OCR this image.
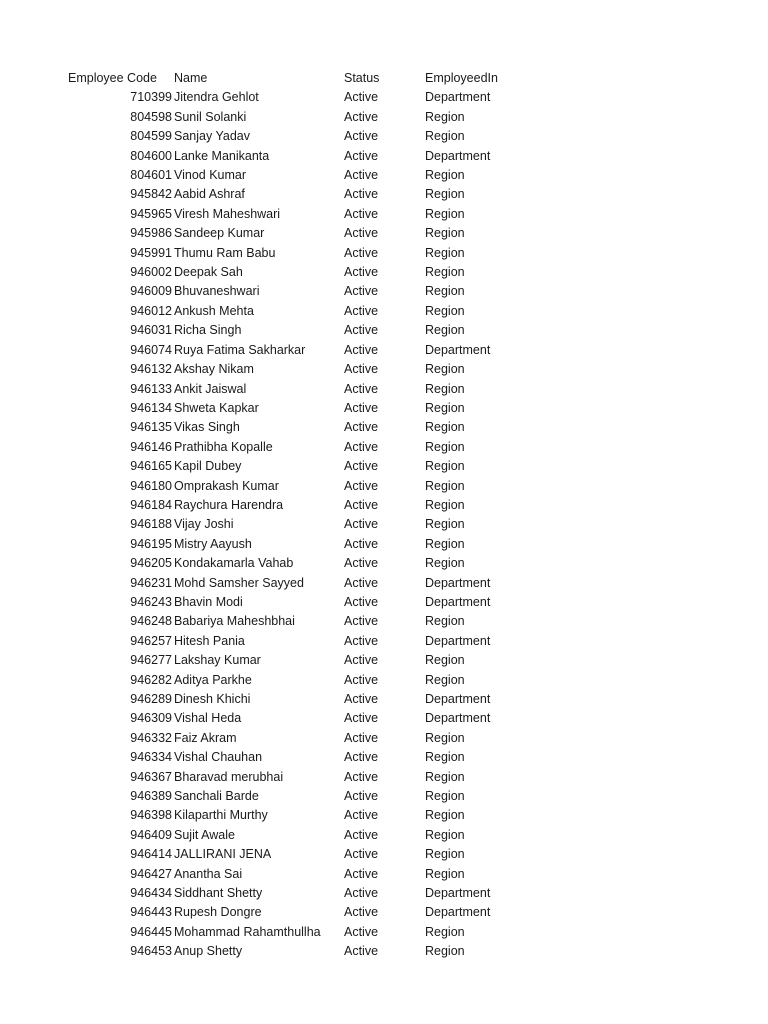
Employee Code	Name	Status	EmployeedIn
710399 Jitendra Gehlot	Active	Department
804598 Sunil Solanki	Active	Region
804599 Sanjay Yadav	Active	Region
804600 Lanke Manikanta	Active	Department
804601 Vinod Kumar	Active	Region
945842 Aabid Ashraf	Active	Region
945965 Viresh Maheshwari	Active	Region
945986 Sandeep Kumar	Active	Region
945991 Thumu Ram Babu	Active	Region
946002 Deepak Sah	Active	Region
946009 Bhuvaneshwari	Active	Region
946012 Ankush Mehta	Active	Region
946031 Richa Singh	Active	Region
946074 Ruya Fatima Sakharkar	Active	Department
946132 Akshay Nikam	Active	Region
946133 Ankit Jaiswal	Active	Region
946134 Shweta Kapkar	Active	Region
946135 Vikas Singh	Active	Region
946146 Prathibha Kopalle	Active	Region
946165 Kapil Dubey	Active	Region
946180 Omprakash Kumar	Active	Region
946184 Raychura Harendra	Active	Region
946188 Vijay Joshi	Active	Region
946195 Mistry Aayush	Active	Region
946205 Kondakamarla Vahab	Active	Region
946231 Mohd Samsher Sayyed	Active	Department
946243 Bhavin Modi	Active	Department
946248 Babariya Maheshbhai	Active	Region
946257 Hitesh Pania	Active	Department
946277 Lakshay Kumar	Active	Region
946282 Aditya Parkhe	Active	Region
946289 Dinesh Khichi	Active	Department
946309 Vishal Heda	Active	Department
946332 Faiz Akram	Active	Region
946334 Vishal Chauhan	Active	Region
946367 Bharavad merubhai	Active	Region
946389 Sanchali Barde	Active	Region
946398 Kilaparthi Murthy	Active	Region
946409 Sujit Awale	Active	Region
946414 JALLIRANI JENA	Active	Region
946427 Anantha Sai	Active	Region
946434 Siddhant Shetty	Active	Department
946443 Rupesh Dongre	Active	Department
946445 Mohammad Rahamthullha	Active	Region
946453 Anup Shetty	Active	Region
